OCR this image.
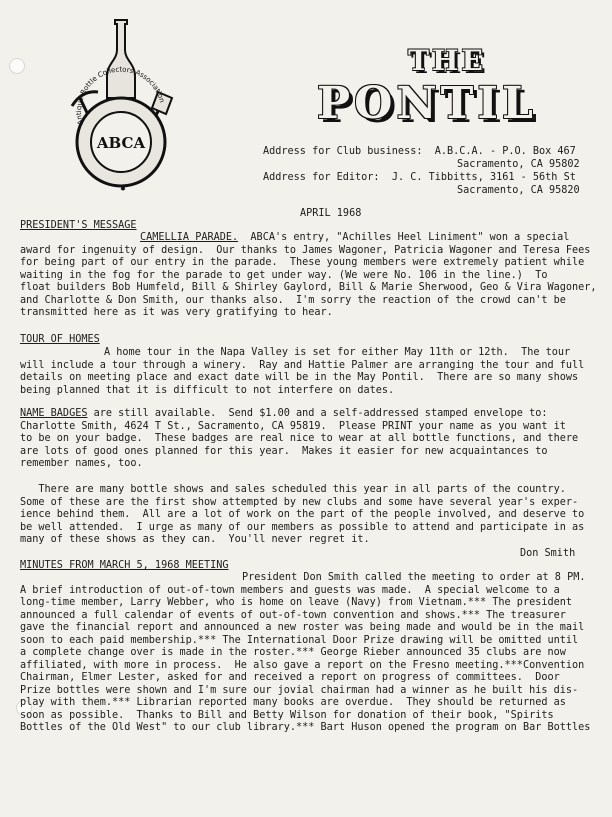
Antique Bottle Collectors Association
ABCA
THE
PONTIL
Address for Club business: A.B.C.A. - P.O. Box 467
Sacramento, CA 95802
Address for Editor: J. C. Tibbitts, 3161 - 56th St
Sacramento, CA 95820
APRIL 1968
PRESIDENT'S MESSAGE
CAMELLIA PARADE. ABCA's entry, "Achilles Heel Liniment" won a special
award for ingenuity of design.  Our thanks to James Wagoner, Patricia Wagoner and Teresa Fees
for being part of our entry in the parade.  These young members were extremely patient while
waiting in the fog for the parade to get under way. (We were No. 106 in the line.)  To
float builders Bob Humfeld, Bill & Shirley Gaylord, Bill & Marie Sherwood, Geo & Vira Wagoner,
and Charlotte & Don Smith, our thanks also.  I'm sorry the reaction of the crowd can't be
transmitted here as it was very gratifying to hear.
TOUR OF HOMES
A home tour in the Napa Valley is set for either May 11th or 12th.  The tour
will include a tour through a winery.  Ray and Hattie Palmer are arranging the tour and full
details on meeting place and exact date will be in the May Pontil.  There are so many shows
being planned that it is difficult to not interfere on dates.
NAME BADGES are still available.  Send $1.00 and a self-addressed stamped envelope to:
Charlotte Smith, 4624 T St., Sacramento, CA 95819.  Please PRINT your name as you want it
to be on your badge.  These badges are real nice to wear at all bottle functions, and there
are lots of good ones planned for this year.  Makes it easier for new acquaintances to
remember names, too.
There are many bottle shows and sales scheduled this year in all parts of the country.
Some of these are the first show attempted by new clubs and some have several year's exper-
ience behind them.  All are a lot of work on the part of the people involved, and deserve to
be well attended.  I urge as many of our members as possible to attend and participate in as
many of these shows as they can.  You'll never regret it.
Don Smith
MINUTES FROM MARCH 5, 1968 MEETING
President Don Smith called the meeting to order at 8 PM.
A brief introduction of out-of-town members and guests was made.  A special welcome to a
long-time member, Larry Webber, who is home on leave (Navy) from Vietnam.*** The president
announced a full calendar of events of out-of-town convention and shows.*** The treasurer
gave the financial report and announced a new roster was being made and would be in the mail
soon to each paid membership.*** The International Door Prize drawing will be omitted until
a complete change over is made in the roster.*** George Rieber announced 35 clubs are now
affiliated, with more in process.  He also gave a report on the Fresno meeting.***Convention
Chairman, Elmer Lester, asked for and received a report on progress of committees.  Door
Prize bottles were shown and I'm sure our jovial chairman had a winner as he built his dis-
play with them.*** Librarian reported many books are overdue.  They should be returned as
soon as possible.  Thanks to Bill and Betty Wilson for donation of their book, "Spirits
Bottles of the Old West" to our club library.*** Bart Huson opened the program on Bar Bottles
